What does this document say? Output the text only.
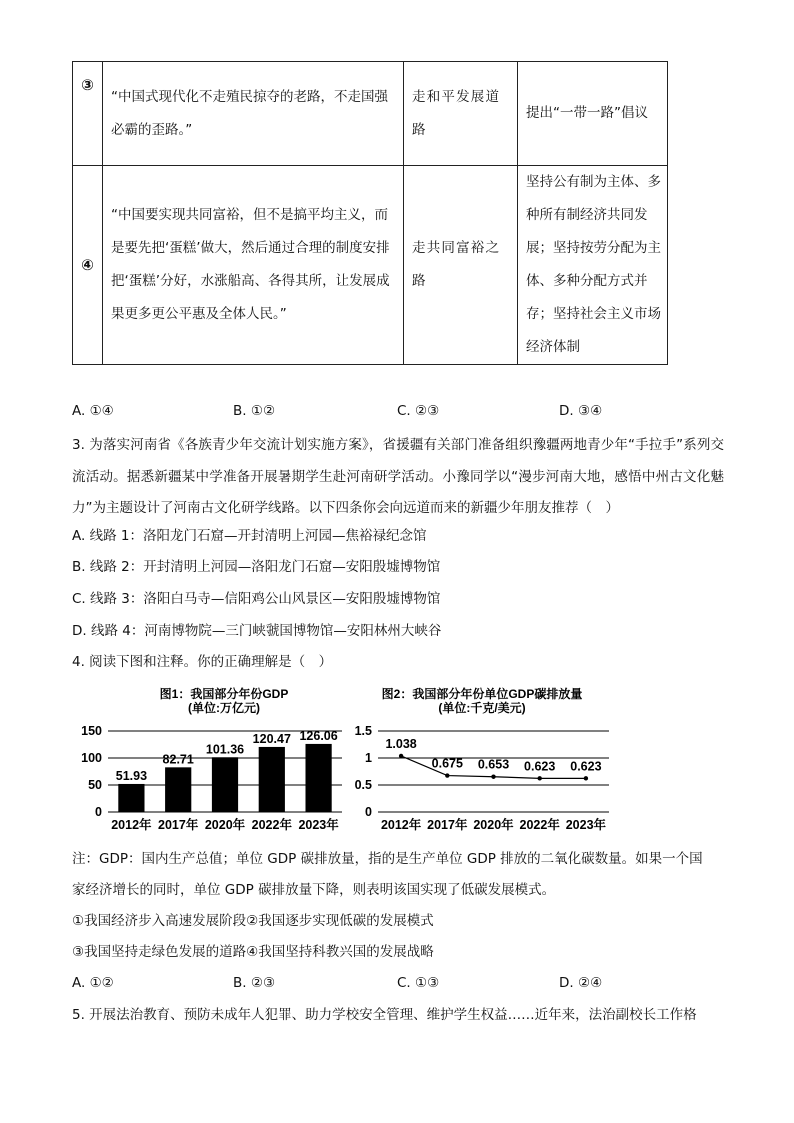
③	“中国式现代化不走殖民掠夺的老路，不走国强必霸的歪路。”	走和平发展道路	提出“一带一路”倡议
④	“中国要实现共同富裕，但不是搞平均主义，而是要先把‘蛋糕’做大，然后通过合理的制度安排把‘蛋糕’分好，水涨船高、各得其所，让发展成果更多更公平惠及全体人民。”	走共同富裕之路	坚持公有制为主体、多种所有制经济共同发展；坚持按劳分配为主体、多种分配方式并存；坚持社会主义市场经济体制
A. ①④	B. ①②	C. ②③	D. ③④
3. 为落实河南省《各族青少年交流计划实施方案》，省援疆有关部门准备组织豫疆两地青少年“手拉手”系列交流活动。据悉新疆某中学准备开展暑期学生赴河南研学活动。小豫同学以“漫步河南大地，感悟中州古文化魅力”为主题设计了河南古文化研学线路。以下四条你会向远道而来的新疆少年朋友推荐（　）
A. 线路 1：洛阳龙门石窟—开封清明上河园—焦裕禄纪念馆
B. 线路 2：开封清明上河园—洛阳龙门石窟—安阳殷墟博物馆
C. 线路 3：洛阳白马寺—信阳鸡公山风景区—安阳殷墟博物馆
D. 线路 4：河南博物院—三门峡虢国博物馆—安阳林州大峡谷
4. 阅读下图和注释。你的正确理解是（　）
图1：我国部分年份GDP
(单位:万亿元)
0
50
100
150
51.93
82.71
101.36
120.47 126.06
2012年 2017年 2020年 2022年 2023年
图2：我国部分年份单位GDP碳排放量
(单位:千克/美元)
0
0.5
1
1.5
1.038
0.675 0.653 0.623 0.623
2012年 2017年 2020年 2022年 2023年
注：GDP：国内生产总值；单位 GDP 碳排放量，指的是生产单位 GDP 排放的二氧化碳数量。如果一个国
家经济增长的同时，单位 GDP 碳排放量下降，则表明该国实现了低碳发展模式。
①我国经济步入高速发展阶段②我国逐步实现低碳的发展模式
③我国坚持走绿色发展的道路④我国坚持科教兴国的发展战略
A. ①②	B. ②③	C. ①③	D. ②④
5. 开展法治教育、预防未成年人犯罪、助力学校安全管理、维护学生权益……近年来，法治副校长工作格
